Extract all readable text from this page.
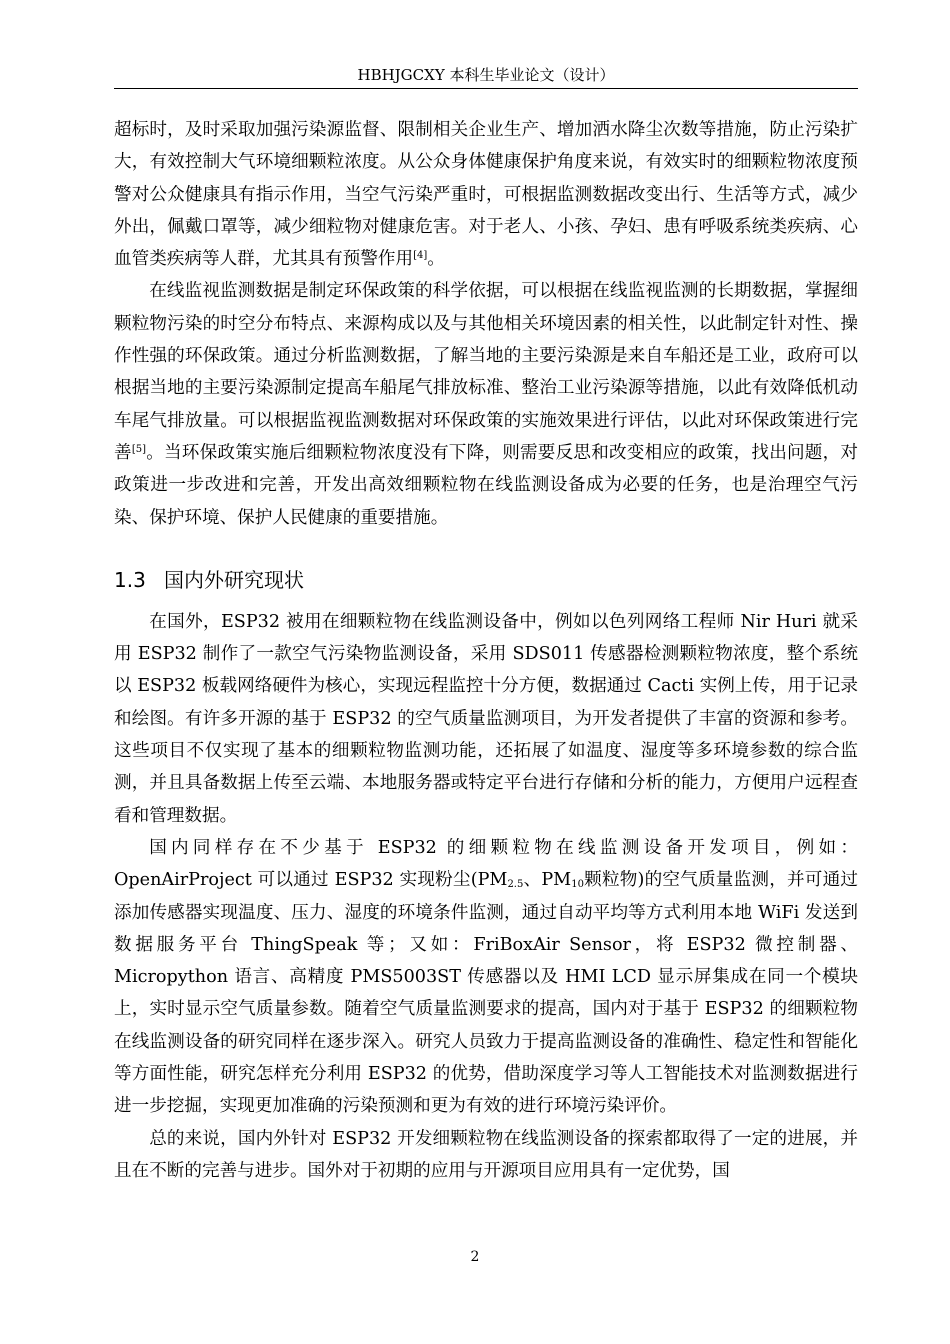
HBHJGCXY 本科生毕业论文（设计）

超标时，及时采取加强污染源监督、限制相关企业生产、增加洒水降尘次数等措施，防止污染扩大，有效控制大气环境细颗粒浓度。从公众身体健康保护角度来说，有效实时的细颗粒物浓度预警对公众健康具有指示作用，当空气污染严重时，可根据监测数据改变出行、生活等方式，减少外出，佩戴口罩等，减少细粒物对健康危害。对于老人、小孩、孕妇、患有呼吸系统类疾病、心血管类疾病等人群，尤其具有预警作用[4]。

在线监视监测数据是制定环保政策的科学依据，可以根据在线监视监测的长期数据，掌握细颗粒物污染的时空分布特点、来源构成以及与其他相关环境因素的相关性，以此制定针对性、操作性强的环保政策。通过分析监测数据，了解当地的主要污染源是来自车船还是工业，政府可以根据当地的主要污染源制定提高车船尾气排放标准、整治工业污染源等措施，以此有效降低机动车尾气排放量。可以根据监视监测数据对环保政策的实施效果进行评估，以此对环保政策进行完善[5]。当环保政策实施后细颗粒物浓度没有下降，则需要反思和改变相应的政策，找出问题，对政策进一步改进和完善，开发出高效细颗粒物在线监测设备成为必要的任务，也是治理空气污染、保护环境、保护人民健康的重要措施。

1.3 国内外研究现状

在国外，ESP32 被用在细颗粒物在线监测设备中，例如以色列网络工程师 Nir Huri 就采用 ESP32 制作了一款空气污染物监测设备，采用 SDS011 传感器检测颗粒物浓度，整个系统以 ESP32 板载网络硬件为核心，实现远程监控十分方便，数据通过 Cacti 实例上传，用于记录和绘图。有许多开源的基于 ESP32 的空气质量监测项目，为开发者提供了丰富的资源和参考。这些项目不仅实现了基本的细颗粒物监测功能，还拓展了如温度、湿度等多环境参数的综合监测，并且具备数据上传至云端、本地服务器或特定平台进行存储和分析的能力，方便用户远程查看和管理数据。

国内同样存在不少基于 ESP32 的细颗粒物在线监测设备开发项目，例如：

OpenAirProject 可以通过 ESP32 实现粉尘($PM_{2.5}$、$PM_{10}$颗粒物)的空气质量监测，并可通过添加传感器实现温度、压力、湿度的环境条件监测，通过自动平均等方式利用本地 WiFi 发送到数据服务平台 ThingSpeak 等；又如：FriBoxAir Sensor，将 ESP32 微控制器、Micropython 语言、高精度 PMS5003ST 传感器以及 HMI LCD 显示屏集成在同一个模块上，实时显示空气质量参数。随着空气质量监测要求的提高，国内对于基于 ESP32 的细颗粒物在线监测设备的研究同样在逐步深入。研究人员致力于提高监测设备的准确性、稳定性和智能化等方面性能，研究怎样充分利用 ESP32 的优势，借助深度学习等人工智能技术对监测数据进行进一步挖掘，实现更加准确的污染预测和更为有效的进行环境污染评价。

总的来说，国内外针对 ESP32 开发细颗粒物在线监测设备的探索都取得了一定的进展，并且在不断的完善与进步。国外对于初期的应用与开源项目应用具有一定优势，国

2
